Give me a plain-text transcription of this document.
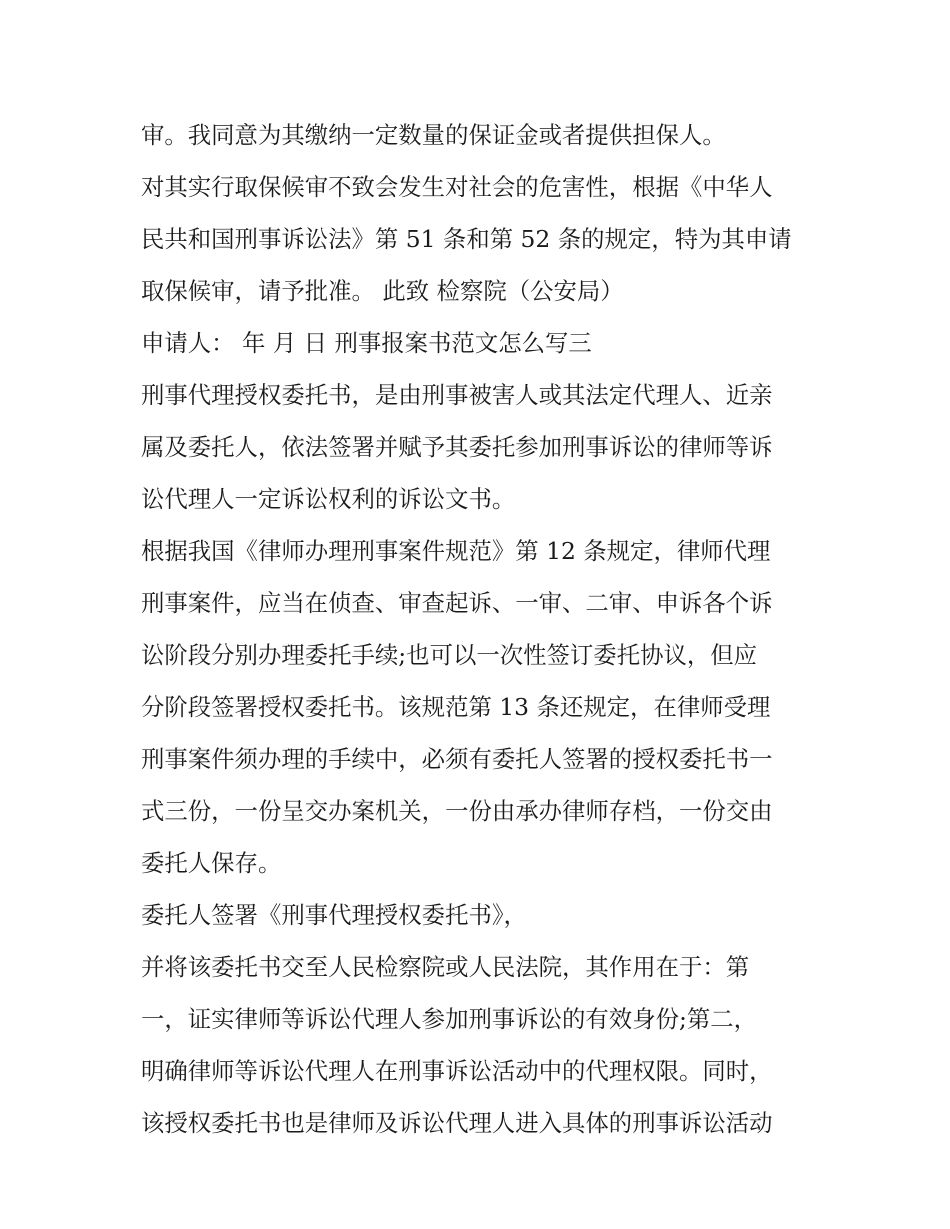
审。我同意为其缴纳一定数量的保证金或者提供担保人。
对其实行取保候审不致会发生对社会的危害性，根据《中华人
民共和国刑事诉讼法》第 51 条和第 52 条的规定，特为其申请
取保候审，请予批准。 此致 检察院（公安局）
申请人： 年 月 日 刑事报案书范文怎么写三
刑事代理授权委托书，是由刑事被害人或其法定代理人、近亲
属及委托人，依法签署并赋予其委托参加刑事诉讼的律师等诉
讼代理人一定诉讼权利的诉讼文书。
根据我国《律师办理刑事案件规范》第 12 条规定，律师代理
刑事案件，应当在侦查、审查起诉、一审、二审、申诉各个诉
讼阶段分别办理委托手续;也可以一次性签订委托协议，但应
分阶段签署授权委托书。该规范第 13 条还规定，在律师受理
刑事案件须办理的手续中，必须有委托人签署的授权委托书一
式三份，一份呈交办案机关，一份由承办律师存档，一份交由
委托人保存。
委托人签署《刑事代理授权委托书》，
并将该委托书交至人民检察院或人民法院，其作用在于：第
一，证实律师等诉讼代理人参加刑事诉讼的有效身份;第二，
明确律师等诉讼代理人在刑事诉讼活动中的代理权限。同时，
该授权委托书也是律师及诉讼代理人进入具体的刑事诉讼活动
